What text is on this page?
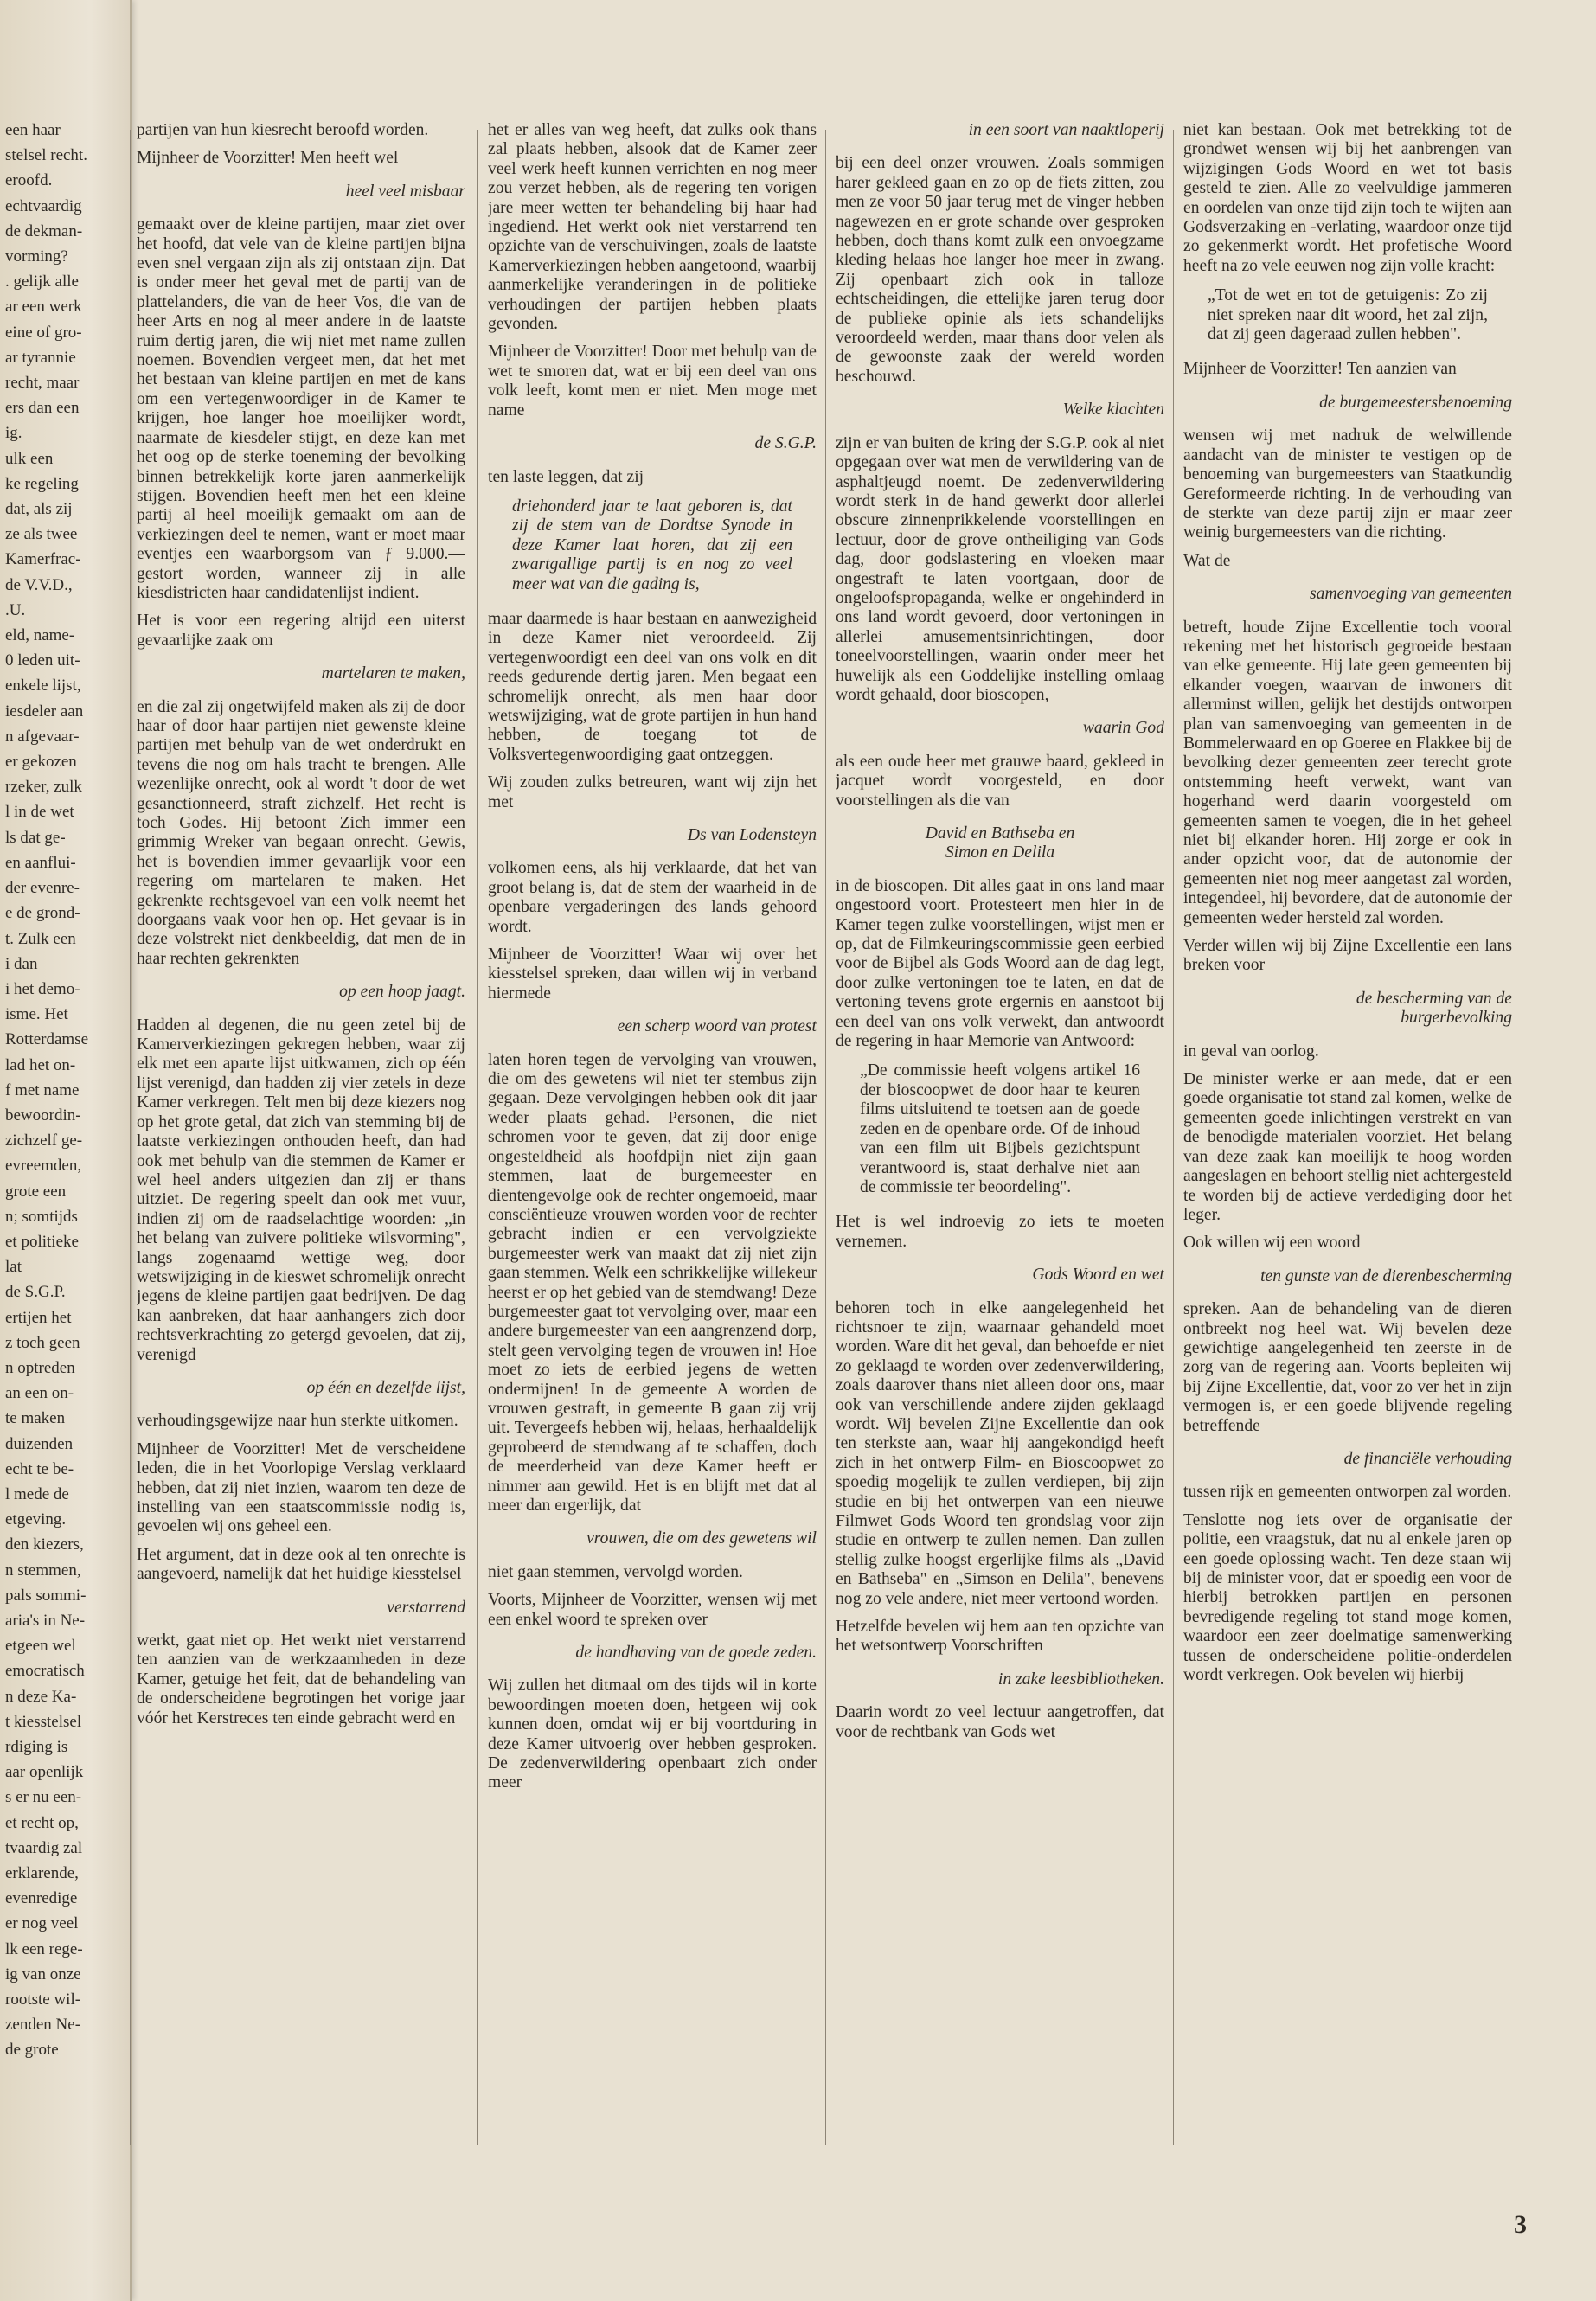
een haar
stelsel recht.
eroofd.
echtvaardig
de dekman-
vorming?
. gelijk alle
ar een werk
eine of gro-
ar tyrannie
recht, maar
ers dan een
ig.
ulk een
ke regeling
dat, als zij
ze als twee
Kamerfrac-
de V.V.D.,
.U.
eld, name-
0 leden uit-
enkele lijst,
iesdeler aan
n afgevaar-
er gekozen
rzeker, zulk
l in de wet
ls dat ge-
en aanflui-
der evenre-
e de grond-
t. Zulk een
i dan
i het demo-
isme. Het
Rotterdamse
lad het on-
f met name
bewoordin-
zichzelf ge-
evreemden,
grote een
n; somtijds
et politieke
lat
de S.G.P.
ertijen het
z toch geen
n optreden
an een on-
te maken
duizenden
echt te be-
l mede de
etgeving.
den kiezers,
n stemmen,
pals sommi-
aria's in Ne-
etgeen wel
emocratisch
n deze Ka-
t kiesstelsel
rdiging is
aar openlijk
s er nu een-
et recht op,
tvaardig zal
erklarende,
evenredige
er nog veel
lk een rege-
ig van onze
rootste wil-
zenden Ne-
de grote

partijen van hun kiesrecht beroofd worden.

Mijnheer de Voorzitter! Men heeft wel

heel veel misbaar

gemaakt over de kleine partijen, maar ziet over het hoofd, dat vele van de kleine partijen bijna even snel vergaan zijn als zij ontstaan zijn. Dat is onder meer het geval met de partij van de plattelanders, die van de heer Vos, die van de heer Arts en nog al meer andere in de laatste ruim dertig jaren, die wij niet met name zullen noemen. Bovendien vergeet men, dat het met het bestaan van kleine partijen en met de kans om een vertegenwoordiger in de Kamer te krijgen, hoe langer hoe moeilijker wordt, naarmate de kiesdeler stijgt, en deze kan met het oog op de sterke toeneming der bevolking binnen betrekkelijk korte jaren aanmerkelijk stijgen. Bovendien heeft men het een kleine partij al heel moeilijk gemaakt om aan de verkiezingen deel te nemen, want er moet maar eventjes een waarborgsom van ƒ 9.000.— gestort worden, wanneer zij in alle kiesdistricten haar candidatenlijst indient.

Het is voor een regering altijd een uiterst gevaarlijke zaak om

martelaren te maken,

en die zal zij ongetwijfeld maken als zij de door haar of door haar partijen niet gewenste kleine partijen met behulp van de wet onderdrukt en tevens die nog om hals tracht te brengen. Alle wezenlijke onrecht, ook al wordt 't door de wet gesanctionneerd, straft zichzelf. Het recht is toch Godes. Hij betoont Zich immer een grimmig Wreker van begaan onrecht. Gewis, het is bovendien immer gevaarlijk voor een regering om martelaren te maken. Het gekrenkte rechtsgevoel van een volk neemt het doorgaans vaak voor hen op. Het gevaar is in deze volstrekt niet denkbeeldig, dat men de in haar rechten gekrenkten

op een hoop jaagt.

Hadden al degenen, die nu geen zetel bij de Kamerverkiezingen gekregen hebben, waar zij elk met een aparte lijst uitkwamen, zich op één lijst verenigd, dan hadden zij vier zetels in deze Kamer verkregen. Telt men bij deze kiezers nog op het grote getal, dat zich van stemming bij de laatste verkiezingen onthouden heeft, dan had ook met behulp van die stemmen de Kamer er wel heel anders uitgezien dan zij er thans uitziet. De regering speelt dan ook met vuur, indien zij om de raadselachtige woorden: „in het belang van zuivere politieke wilsvorming", langs zogenaamd wettige weg, door wetswijziging in de kieswet schromelijk onrecht jegens de kleine partijen gaat bedrijven. De dag kan aanbreken, dat haar aanhangers zich door rechtsverkrachting zo getergd gevoelen, dat zij, verenigd

op één en dezelfde lijst,

verhoudingsgewijze naar hun sterkte uitkomen.

Mijnheer de Voorzitter! Met de verscheidene leden, die in het Voorlopige Verslag verklaard hebben, dat zij niet inzien, waarom ten deze de instelling van een staatscommissie nodig is, gevoelen wij ons geheel een.

Het argument, dat in deze ook al ten onrechte is aangevoerd, namelijk dat het huidige kiesstelsel

verstarrend

werkt, gaat niet op. Het werkt niet verstarrend ten aanzien van de werkzaamheden in deze Kamer, getuige het feit, dat de behandeling van de onderscheidene begrotingen het vorige jaar vóór het Kerstreces ten einde gebracht werd en

het er alles van weg heeft, dat zulks ook thans zal plaats hebben, alsook dat de Kamer zeer veel werk heeft kunnen verrichten en nog meer zou verzet hebben, als de regering ten vorigen jare meer wetten ter behandeling bij haar had ingediend. Het werkt ook niet verstarrend ten opzichte van de verschuivingen, zoals de laatste Kamerverkiezingen hebben aangetoond, waarbij aanmerkelijke veranderingen in de politieke verhoudingen der partijen hebben plaats gevonden.

Mijnheer de Voorzitter! Door met behulp van de wet te smoren dat, wat er bij een deel van ons volk leeft, komt men er niet. Men moge met name

de S.G.P.

ten laste leggen, dat zij

driehonderd jaar te laat geboren is, dat zij de stem van de Dordtse Synode in deze Kamer laat horen, dat zij een zwartgallige partij is en nog zo veel meer wat van die gading is,

maar daarmede is haar bestaan en aanwezigheid in deze Kamer niet veroordeeld. Zij vertegenwoordigt een deel van ons volk en dit reeds gedurende dertig jaren. Men begaat een schromelijk onrecht, als men haar door wetswijziging, wat de grote partijen in hun hand hebben, de toegang tot de Volksvertegenwoordiging gaat ontzeggen.

Wij zouden zulks betreuren, want wij zijn het met

Ds van Lodensteyn

volkomen eens, als hij verklaarde, dat het van groot belang is, dat de stem der waarheid in de openbare vergaderingen des lands gehoord wordt.

Mijnheer de Voorzitter! Waar wij over het kiesstelsel spreken, daar willen wij in verband hiermede

een scherp woord van protest

laten horen tegen de vervolging van vrouwen, die om des gewetens wil niet ter stembus zijn gegaan. Deze vervolgingen hebben ook dit jaar weder plaats gehad. Personen, die niet schromen voor te geven, dat zij door enige ongesteldheid als hoofdpijn niet zijn gaan stemmen, laat de burgemeester en dientengevolge ook de rechter ongemoeid, maar consciëntieuze vrouwen worden voor de rechter gebracht indien er een vervolgziekte burgemeester werk van maakt dat zij niet zijn gaan stemmen. Welk een schrikkelijke willekeur heerst er op het gebied van de stemdwang! Deze burgemeester gaat tot vervolging over, maar een andere burgemeester van een aangrenzend dorp, stelt geen vervolging tegen de vrouwen in! Hoe moet zo iets de eerbied jegens de wetten ondermijnen! In de gemeente A worden de vrouwen gestraft, in gemeente B gaan zij vrij uit. Tevergeefs hebben wij, helaas, herhaaldelijk geprobeerd de stemdwang af te schaffen, doch de meerderheid van deze Kamer heeft er nimmer aan gewild. Het is en blijft met dat al meer dan ergerlijk, dat

vrouwen, die om des gewetens wil

niet gaan stemmen, vervolgd worden.

Voorts, Mijnheer de Voorzitter, wensen wij met een enkel woord te spreken over

de handhaving van de goede zeden.

Wij zullen het ditmaal om des tijds wil in korte bewoordingen moeten doen, hetgeen wij ook kunnen doen, omdat wij er bij voortduring in deze Kamer uitvoerig over hebben gesproken. De zedenverwildering openbaart zich onder meer

in een soort van naaktloperij

bij een deel onzer vrouwen. Zoals sommigen harer gekleed gaan en zo op de fiets zitten, zou men ze voor 50 jaar terug met de vinger hebben nagewezen en er grote schande over gesproken hebben, doch thans komt zulk een onvoegzame kleding helaas hoe langer hoe meer in zwang. Zij openbaart zich ook in talloze echtscheidingen, die ettelijke jaren terug door de publieke opinie als iets schandelijks veroordeeld werden, maar thans door velen als de gewoonste zaak der wereld worden beschouwd.

Welke klachten

zijn er van buiten de kring der S.G.P. ook al niet opgegaan over wat men de verwildering van de asphaltjeugd noemt. De zedenverwildering wordt sterk in de hand gewerkt door allerlei obscure zinnenprikkelende voorstellingen en lectuur, door de grove ontheiliging van Gods dag, door godslastering en vloeken maar ongestraft te laten voortgaan, door de ongeloofspropaganda, welke er ongehinderd in ons land wordt gevoerd, door vertoningen in allerlei amusementsinrichtingen, door toneelvoorstellingen, waarin onder meer het huwelijk als een Goddelijke instelling omlaag wordt gehaald, door bioscopen,

waarin God

als een oude heer met grauwe baard, gekleed in jacquet wordt voorgesteld, en door voorstellingen als die van

David en Bathseba en
Simon en Delila

in de bioscopen. Dit alles gaat in ons land maar ongestoord voort. Protesteert men hier in de Kamer tegen zulke voorstellingen, wijst men er op, dat de Filmkeuringscommissie geen eerbied voor de Bijbel als Gods Woord aan de dag legt, door zulke vertoningen toe te laten, en dat de vertoning tevens grote ergernis en aanstoot bij een deel van ons volk verwekt, dan antwoordt de regering in haar Memorie van Antwoord:

„De commissie heeft volgens artikel 16 der bioscoopwet de door haar te keuren films uitsluitend te toetsen aan de goede zeden en de openbare orde. Of de inhoud van een film uit Bijbels gezichtspunt verantwoord is, staat derhalve niet aan de commissie ter beoordeling".

Het is wel indroevig zo iets te moeten vernemen.

Gods Woord en wet

behoren toch in elke aangelegenheid het richtsnoer te zijn, waarnaar gehandeld moet worden. Ware dit het geval, dan behoefde er niet zo geklaagd te worden over zedenverwildering, zoals daarover thans niet alleen door ons, maar ook van verschillende andere zijden geklaagd wordt. Wij bevelen Zijne Excellentie dan ook ten sterkste aan, waar hij aangekondigd heeft zich in het ontwerp Film- en Bioscoopwet zo spoedig mogelijk te zullen verdiepen, bij zijn studie en bij het ontwerpen van een nieuwe Filmwet Gods Woord ten grondslag voor zijn studie en ontwerp te zullen nemen. Dan zullen stellig zulke hoogst ergerlijke films als „David en Bathseba" en „Simson en Delila", benevens nog zo vele andere, niet meer vertoond worden.

Hetzelfde bevelen wij hem aan ten opzichte van het wetsontwerp Voorschriften

in zake leesbibliotheken.

Daarin wordt zo veel lectuur aangetroffen, dat voor de rechtbank van Gods wet

niet kan bestaan. Ook met betrekking tot de grondwet wensen wij bij het aanbrengen van wijzigingen Gods Woord en wet tot basis gesteld te zien. Alle zo veelvuldige jammeren en oordelen van onze tijd zijn toch te wijten aan Godsverzaking en -verlating, waardoor onze tijd zo gekenmerkt wordt. Het profetische Woord heeft na zo vele eeuwen nog zijn volle kracht:

„Tot de wet en tot de getuigenis: Zo zij niet spreken naar dit woord, het zal zijn, dat zij geen dageraad zullen hebben".

Mijnheer de Voorzitter! Ten aanzien van

de burgemeestersbenoeming

wensen wij met nadruk de welwillende aandacht van de minister te vestigen op de benoeming van burgemeesters van Staatkundig Gereformeerde richting. In de verhouding van de sterkte van deze partij zijn er maar zeer weinig burgemeesters van die richting.

Wat de

samenvoeging van gemeenten

betreft, houde Zijne Excellentie toch vooral rekening met het historisch gegroeide bestaan van elke gemeente. Hij late geen gemeenten bij elkander voegen, waarvan de inwoners dit allerminst willen, gelijk het destijds ontworpen plan van samenvoeging van gemeenten in de Bommelerwaard en op Goeree en Flakkee bij de bevolking dezer gemeenten zeer terecht grote ontstemming heeft verwekt, want van hogerhand werd daarin voorgesteld om gemeenten samen te voegen, die in het geheel niet bij elkander horen. Hij zorge er ook in ander opzicht voor, dat de autonomie der gemeenten niet nog meer aangetast zal worden, integendeel, hij bevordere, dat de autonomie der gemeenten weder hersteld zal worden.

Verder willen wij bij Zijne Excellentie een lans breken voor

de bescherming van de
burgerbevolking

in geval van oorlog.

De minister werke er aan mede, dat er een goede organisatie tot stand zal komen, welke de gemeenten goede inlichtingen verstrekt en van de benodigde materialen voorziet. Het belang van deze zaak kan moeilijk te hoog worden aangeslagen en behoort stellig niet achtergesteld te worden bij de actieve verdediging door het leger.

Ook willen wij een woord

ten gunste van de dierenbescherming

spreken. Aan de behandeling van de dieren ontbreekt nog heel wat. Wij bevelen deze gewichtige aangelegenheid ten zeerste in de zorg van de regering aan. Voorts bepleiten wij bij Zijne Excellentie, dat, voor zo ver het in zijn vermogen is, er een goede blijvende regeling betreffende

de financiële verhouding

tussen rijk en gemeenten ontworpen zal worden.

Tenslotte nog iets over de organisatie der politie, een vraagstuk, dat nu al enkele jaren op een goede oplossing wacht. Ten deze staan wij bij de minister voor, dat er spoedig een voor de hierbij betrokken partijen en personen bevredigende regeling tot stand moge komen, waardoor een zeer doelmatige samenwerking tussen de onderscheidene politie-onderdelen wordt verkregen. Ook bevelen wij hierbij

3
